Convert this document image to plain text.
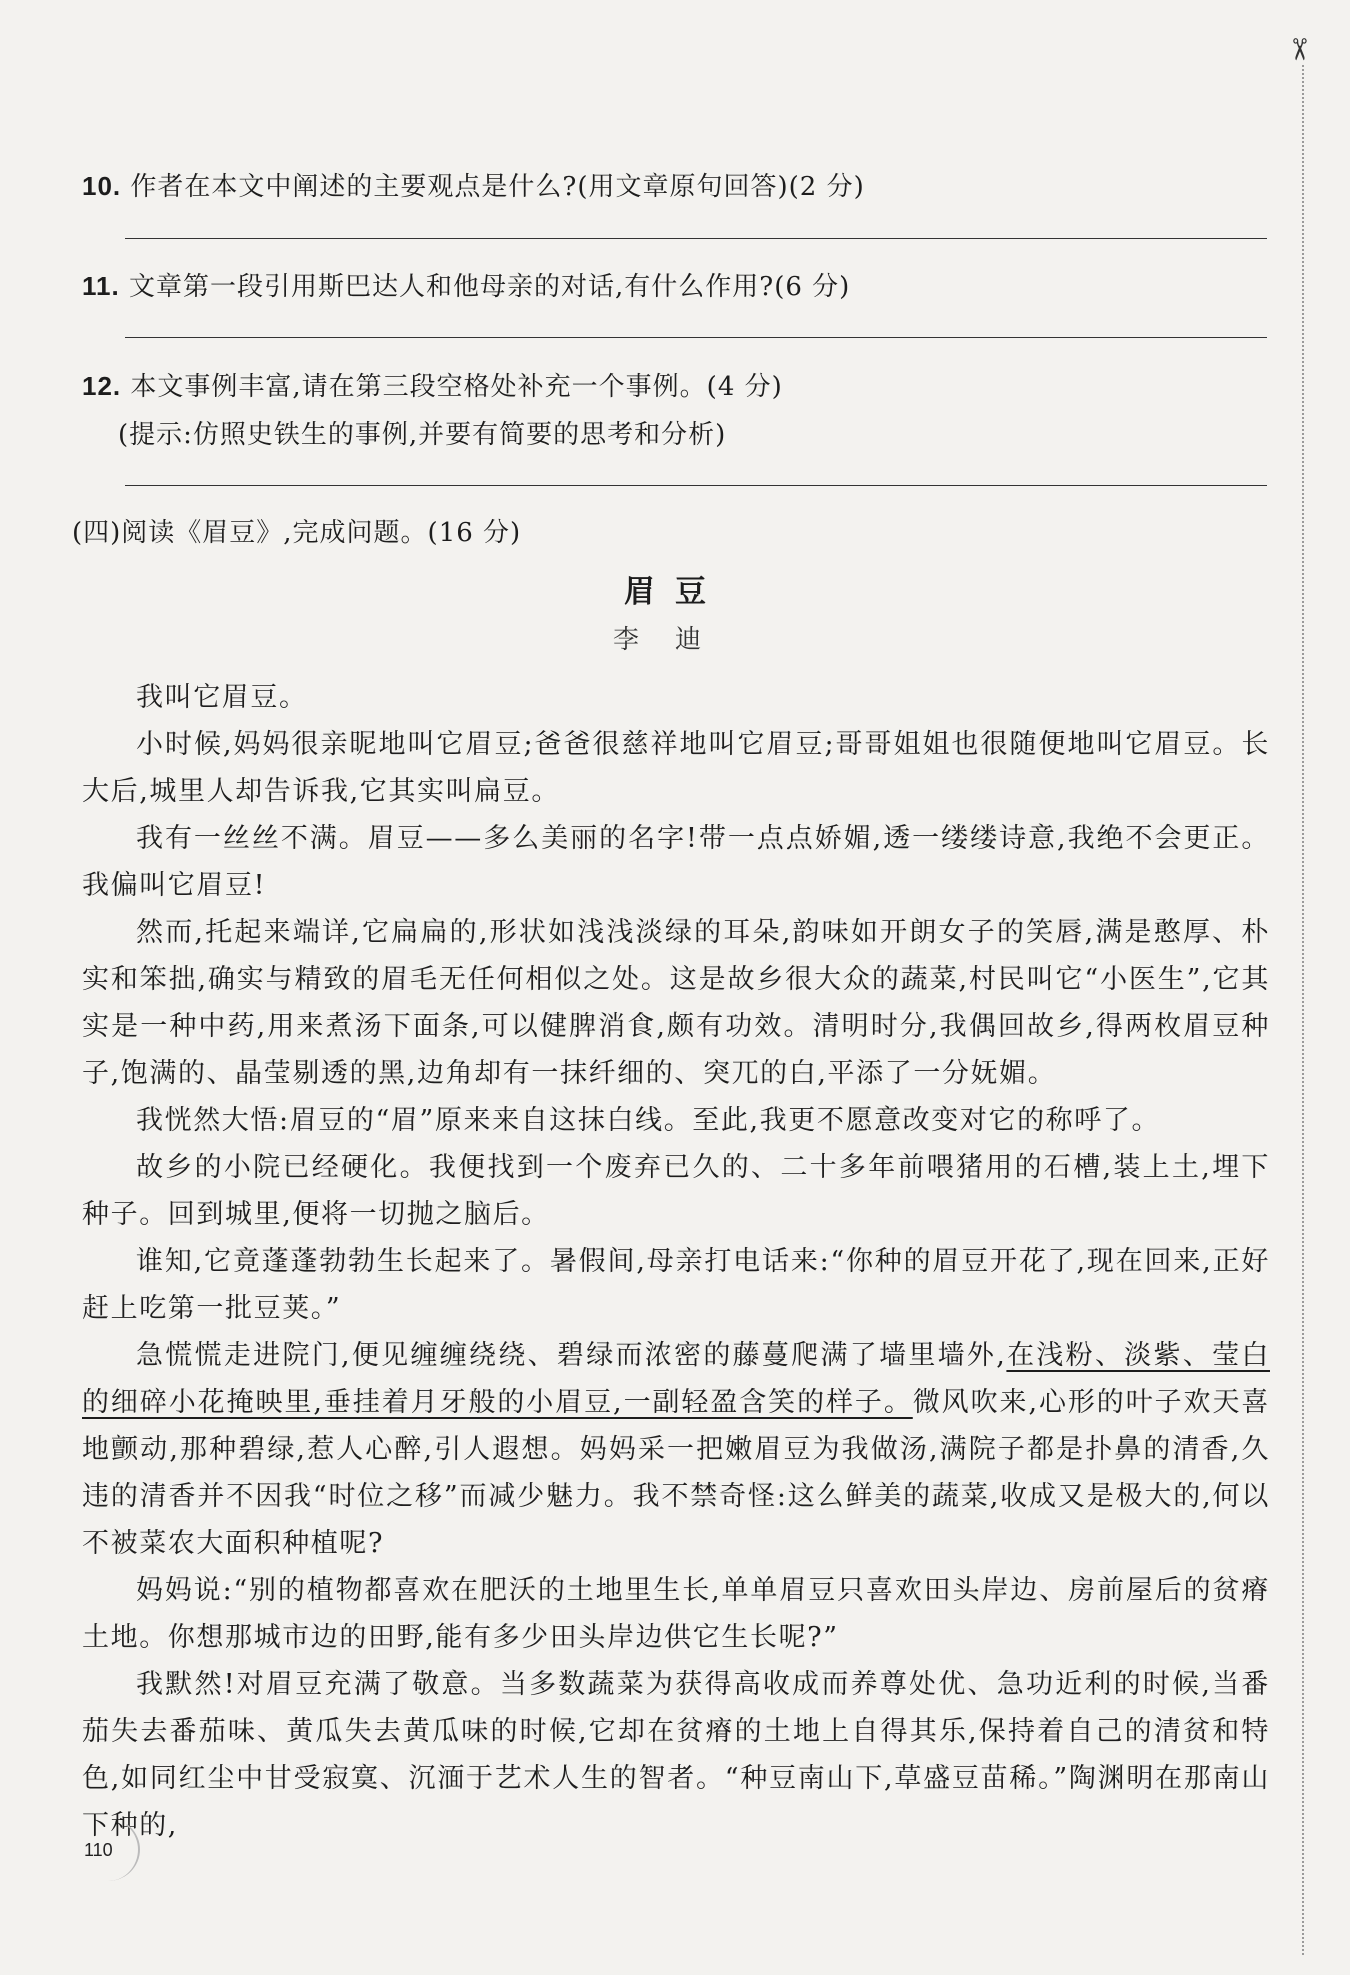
✂
10. 作者在本文中阐述的主要观点是什么?(用文章原句回答)(2 分)
11. 文章第一段引用斯巴达人和他母亲的对话,有什么作用?(6 分)
12. 本文事例丰富,请在第三段空格处补充一个事例。(4 分)
(提示:仿照史铁生的事例,并要有简要的思考和分析)
(四)阅读《眉豆》,完成问题。(16 分)
眉豆
李迪

我叫它眉豆。

小时候,妈妈很亲昵地叫它眉豆;爸爸很慈祥地叫它眉豆;哥哥姐姐也很随便地叫它眉豆。长大后,城里人却告诉我,它其实叫扁豆。

我有一丝丝不满。眉豆——多么美丽的名字!带一点点娇媚,透一缕缕诗意,我绝不会更正。我偏叫它眉豆!

然而,托起来端详,它扁扁的,形状如浅浅淡绿的耳朵,韵味如开朗女子的笑唇,满是憨厚、朴实和笨拙,确实与精致的眉毛无任何相似之处。这是故乡很大众的蔬菜,村民叫它“小医生”,它其实是一种中药,用来煮汤下面条,可以健脾消食,颇有功效。清明时分,我偶回故乡,得两枚眉豆种子,饱满的、晶莹剔透的黑,边角却有一抹纤细的、突兀的白,平添了一分妩媚。

我恍然大悟:眉豆的“眉”原来来自这抹白线。至此,我更不愿意改变对它的称呼了。

故乡的小院已经硬化。我便找到一个废弃已久的、二十多年前喂猪用的石槽,装上土,埋下种子。回到城里,便将一切抛之脑后。

谁知,它竟蓬蓬勃勃生长起来了。暑假间,母亲打电话来:“你种的眉豆开花了,现在回来,正好赶上吃第一批豆荚。”

急慌慌走进院门,便见缠缠绕绕、碧绿而浓密的藤蔓爬满了墙里墙外,在浅粉、淡紫、莹白的细碎小花掩映里,垂挂着月牙般的小眉豆,一副轻盈含笑的样子。微风吹来,心形的叶子欢天喜地颤动,那种碧绿,惹人心醉,引人遐想。妈妈采一把嫩眉豆为我做汤,满院子都是扑鼻的清香,久违的清香并不因我“时位之移”而减少魅力。我不禁奇怪:这么鲜美的蔬菜,收成又是极大的,何以不被菜农大面积种植呢?

妈妈说:“别的植物都喜欢在肥沃的土地里生长,单单眉豆只喜欢田头岸边、房前屋后的贫瘠土地。你想那城市边的田野,能有多少田头岸边供它生长呢?”

我默然!对眉豆充满了敬意。当多数蔬菜为获得高收成而养尊处优、急功近利的时候,当番茄失去番茄味、黄瓜失去黄瓜味的时候,它却在贫瘠的土地上自得其乐,保持着自己的清贫和特色,如同红尘中甘受寂寞、沉湎于艺术人生的智者。“种豆南山下,草盛豆苗稀。”陶渊明在那南山下种的,

110
